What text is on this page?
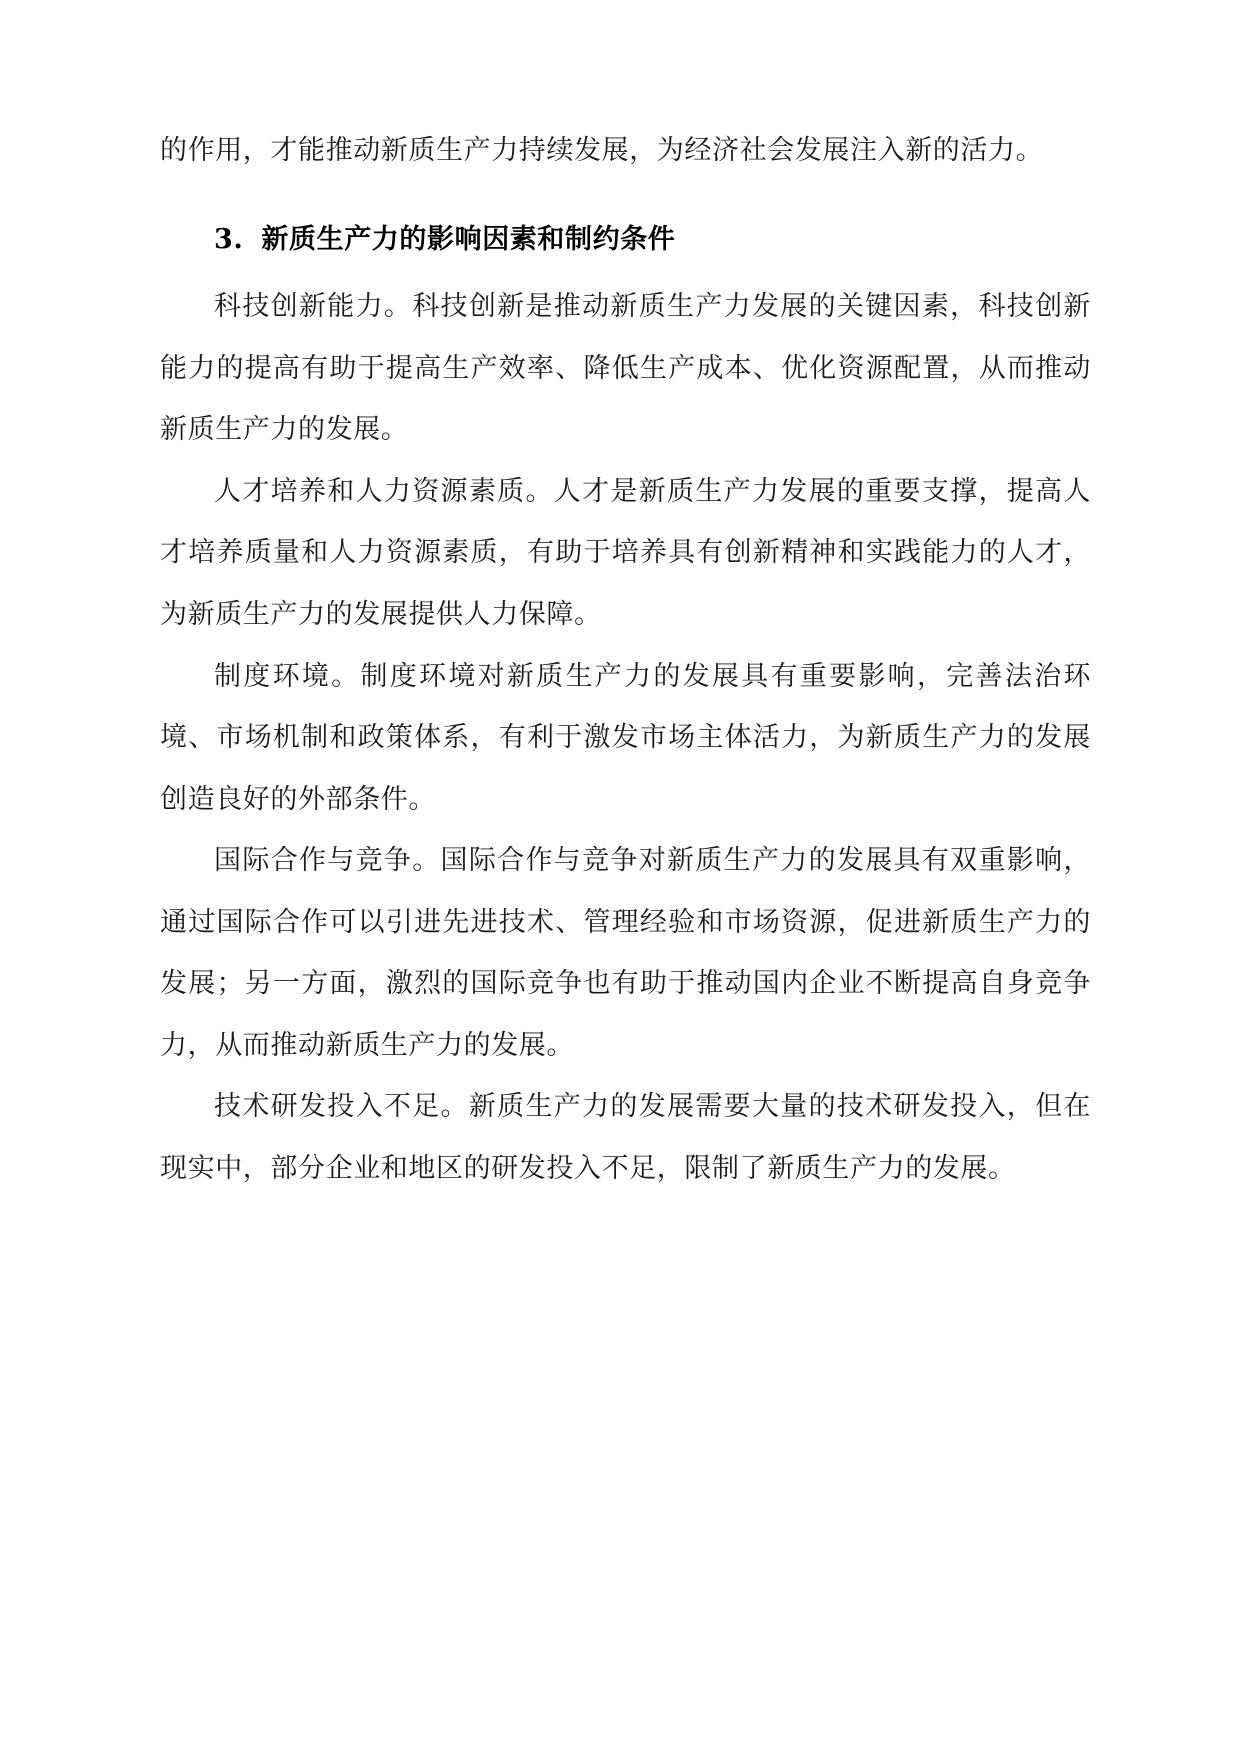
的作用，才能推动新质生产力持续发展，为经济社会发展注入新的活力。

3. 新质生产力的影响因素和制约条件

科技创新能力。科技创新是推动新质生产力发展的关键因素，科技创新能力的提高有助于提高生产效率、降低生产成本、优化资源配置，从而推动新质生产力的发展。

人才培养和人力资源素质。人才是新质生产力发展的重要支撑，提高人才培养质量和人力资源素质，有助于培养具有创新精神和实践能力的人才，为新质生产力的发展提供人力保障。

制度环境。制度环境对新质生产力的发展具有重要影响，完善法治环境、市场机制和政策体系，有利于激发市场主体活力，为新质生产力的发展创造良好的外部条件。

国际合作与竞争。国际合作与竞争对新质生产力的发展具有双重影响，通过国际合作可以引进先进技术、管理经验和市场资源，促进新质生产力的发展；另一方面，激烈的国际竞争也有助于推动国内企业不断提高自身竞争力，从而推动新质生产力的发展。

技术研发投入不足。新质生产力的发展需要大量的技术研发投入，但在现实中，部分企业和地区的研发投入不足，限制了新质生产力的发展。
